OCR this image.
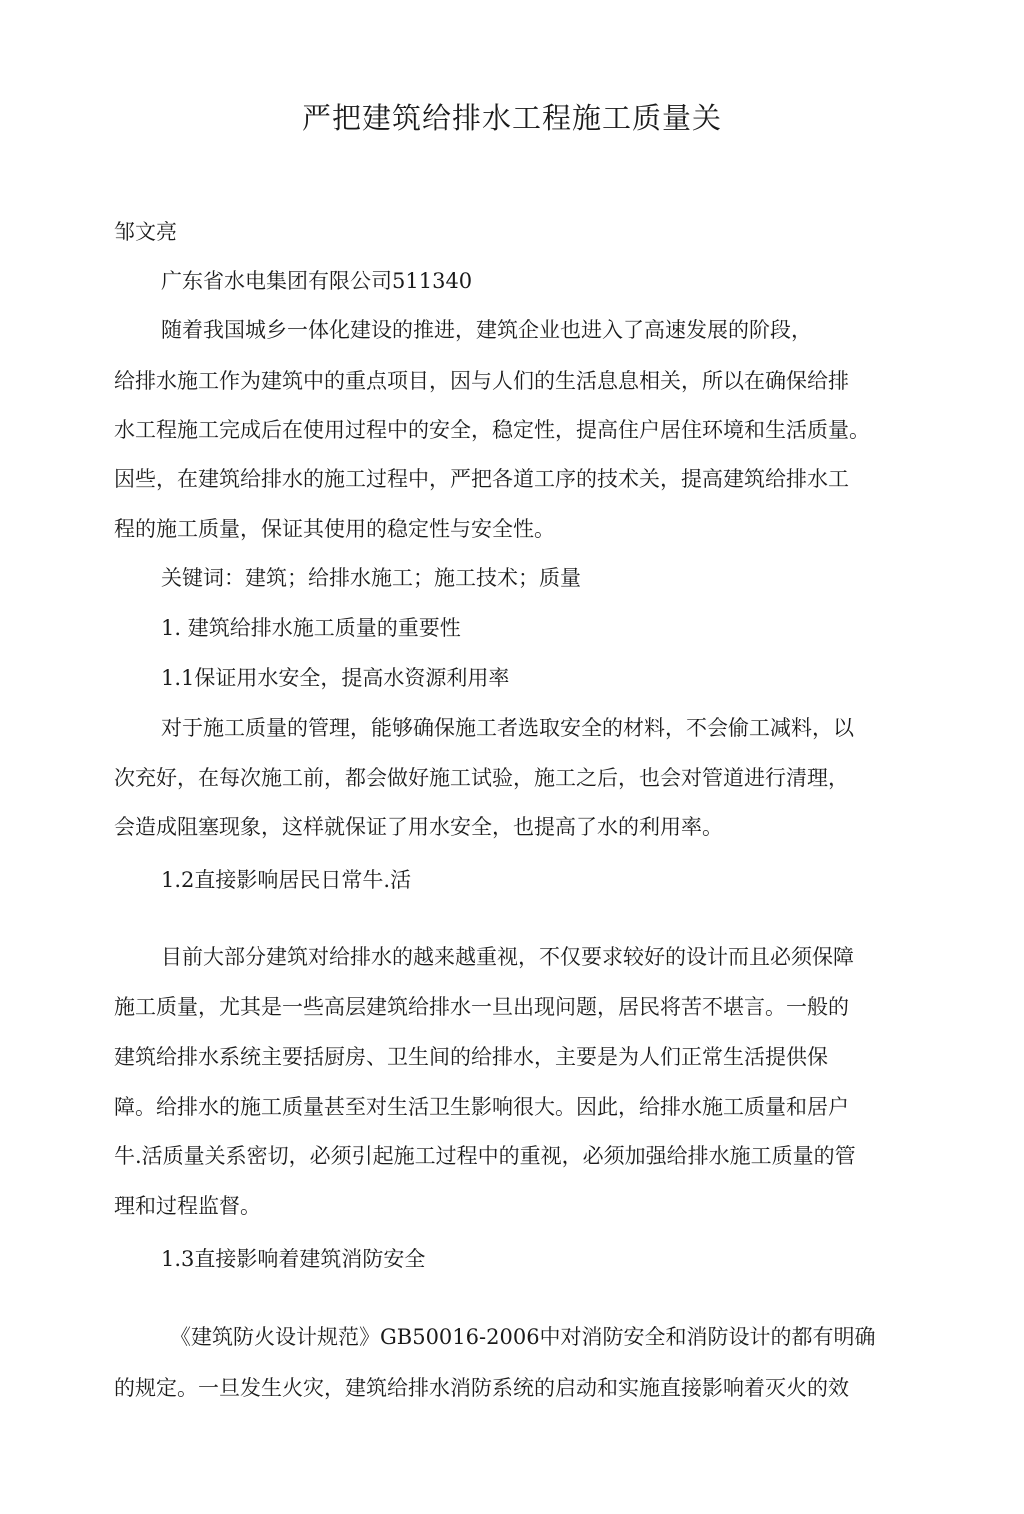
严把建筑给排水工程施工质量关
邹文亮
广东省水电集团有限公司511340
随着我国城乡一体化建设的推进，建筑企业也进入了高速发展的阶段，
给排水施工作为建筑中的重点项目，因与人们的生活息息相关，所以在确保给排
水工程施工完成后在使用过程中的安全，稳定性，提高住户居住环境和生活质量。
因些，在建筑给排水的施工过程中，严把各道工序的技术关，提高建筑给排水工
程的施工质量，保证其使用的稳定性与安全性。
关键词：建筑；给排水施工；施工技术；质量
1. 建筑给排水施工质量的重要性
1.1保证用水安全，提高水资源利用率
对于施工质量的管理，能够确保施工者选取安全的材料，不会偷工减料，以
次充好，在每次施工前，都会做好施工试验，施工之后，也会对管道进行清理，
会造成阻塞现象，这样就保证了用水安全，也提高了水的利用率。
1.2直接影响居民日常牛.活
目前大部分建筑对给排水的越来越重视，不仅要求较好的设计而且必须保障
施工质量，尤其是一些高层建筑给排水一旦出现问题，居民将苦不堪言。一般的
建筑给排水系统主要括厨房、卫生间的给排水，主要是为人们正常生活提供保
障。给排水的施工质量甚至对生活卫生影响很大。因此，给排水施工质量和居户
牛.活质量关系密切，必须引起施工过程中的重视，必须加强给排水施工质量的管
理和过程监督。
1.3直接影响着建筑消防安全
《建筑防火设计规范》GB50016-2006中对消防安全和消防设计的都有明确
的规定。一旦发生火灾，建筑给排水消防系统的启动和实施直接影响着灭火的效
